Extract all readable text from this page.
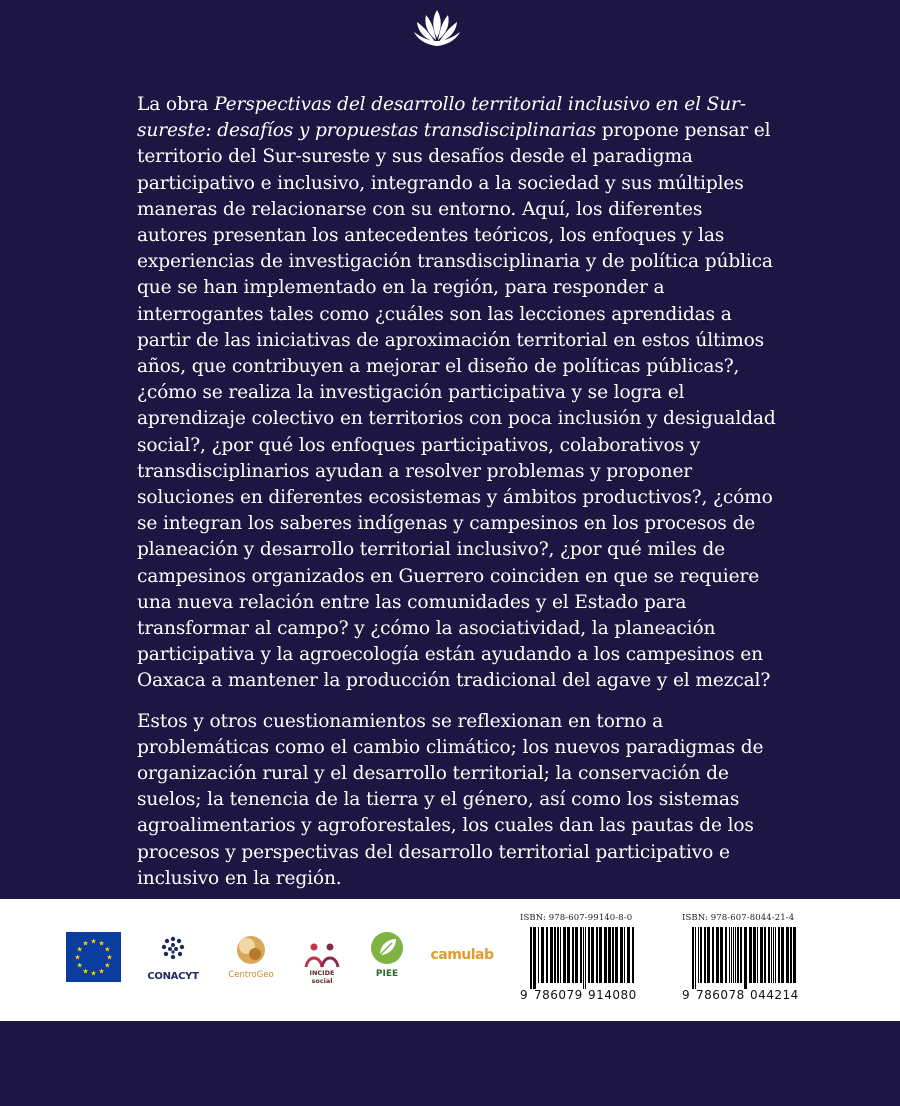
La obra Perspectivas del desarrollo territorial inclusivo en el Sur-sureste: desafíos y propuestas transdisciplinarias propone pensar el territorio del Sur-sureste y sus desafíos desde el paradigma participativo e inclusivo, integrando a la sociedad y sus múltiples maneras de relacionarse con su entorno. Aquí, los diferentes autores presentan los antecedentes teóricos, los enfoques y las experiencias de investigación transdisciplinaria y de política pública que se han implementado en la región, para responder a interrogantes tales como ¿cuáles son las lecciones aprendidas a partir de las iniciativas de aproximación territorial en estos últimos años, que contribuyen a mejorar el diseño de políticas públicas?, ¿cómo se realiza la investigación participativa y se logra el aprendizaje colectivo en territorios con poca inclusión y desigualdad social?, ¿por qué los enfoques participativos, colaborativos y transdisciplinarios ayudan a resolver problemas y proponer soluciones en diferentes ecosistemas y ámbitos productivos?, ¿cómo se integran los saberes indígenas y campesinos en los procesos de planeación y desarrollo territorial inclusivo?, ¿por qué miles de campesinos organizados en Guerrero coinciden en que se requiere una nueva relación entre las comunidades y el Estado para transformar al campo? y ¿cómo la asociatividad, la planeación participativa y la agroecología están ayudando a los campesinos en Oaxaca a mantener la producción tradicional del agave y el mezcal?

Estos y otros cuestionamientos se reflexionan en torno a problemáticas como el cambio climático; los nuevos paradigmas de organización rural y el desarrollo territorial; la conservación de suelos; la tenencia de la tierra y el género, así como los sistemas agroalimentarios y agroforestales, los cuales dan las pautas de los procesos y perspectivas del desarrollo territorial participativo e inclusivo en la región.

★ ★
★
★
★
★
★
★
★
★
★
★
CONACYT	CentroGeo	INCIDE social
PIEE
camulab
ISBN: 978-607-99140-8-0
9 786079 914080
ISBN: 978-607-8044-21-4
9 786078 044214
